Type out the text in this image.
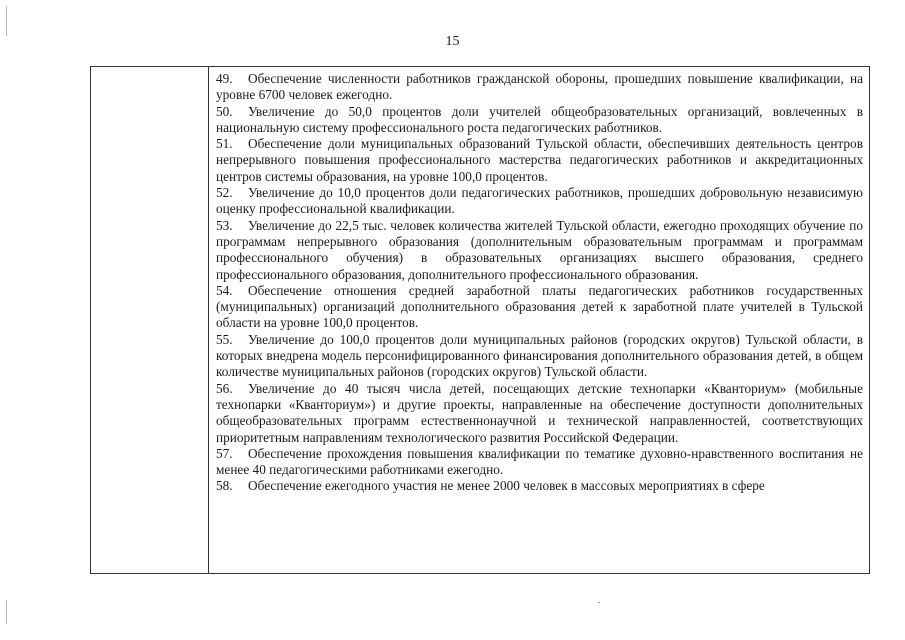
15

49. Обеспечение численности работников гражданской обороны, прошедших повышение квалификации, на уровне 6700 человек ежегодно.

50. Увеличение до 50,0 процентов доли учителей общеобразовательных организаций, вовлеченных в национальную систему профессионального роста педагогических работников.

51. Обеспечение доли муниципальных образований Тульской области, обеспечивших деятельность центров непрерывного повышения профессионального мастерства педагогических работников и аккредитационных центров системы образования, на уровне 100,0 процентов.

52. Увеличение до 10,0 процентов доли педагогических работников, прошедших добровольную независимую оценку профессиональной квалификации.

53. Увеличение до 22,5 тыс. человек количества жителей Тульской области, ежегодно проходящих обучение по программам непрерывного образования (дополнительным образовательным программам и программам профессионального обучения) в образовательных организациях высшего образования, среднего профессионального образования, дополнительного профессионального образования.

54. Обеспечение отношения средней заработной платы педагогических работников государственных (муниципальных) организаций дополнительного образования детей к заработной плате учителей в Тульской области на уровне 100,0 процентов.

55. Увеличение до 100,0 процентов доли муниципальных районов (городских округов) Тульской области, в которых внедрена модель персонифицированного финансирования дополнительного образования детей, в общем количестве муниципальных районов (городских округов) Тульской области.

56. Увеличение до 40 тысяч числа детей, посещающих детские технопарки «Кванториум» (мобильные технопарки «Кванториум») и другие проекты, направленные на обеспечение доступности дополнительных общеобразовательных программ естественнонаучной и технической направленностей, соответствующих приоритетным направлениям технологического развития Российской Федерации.

57. Обеспечение прохождения повышения квалификации по тематике духовно-нравственного воспитания не менее 40 педагогическими работниками ежегодно.

58. Обеспечение ежегодного участия не менее 2000 человек в массовых мероприятиях в сфере
